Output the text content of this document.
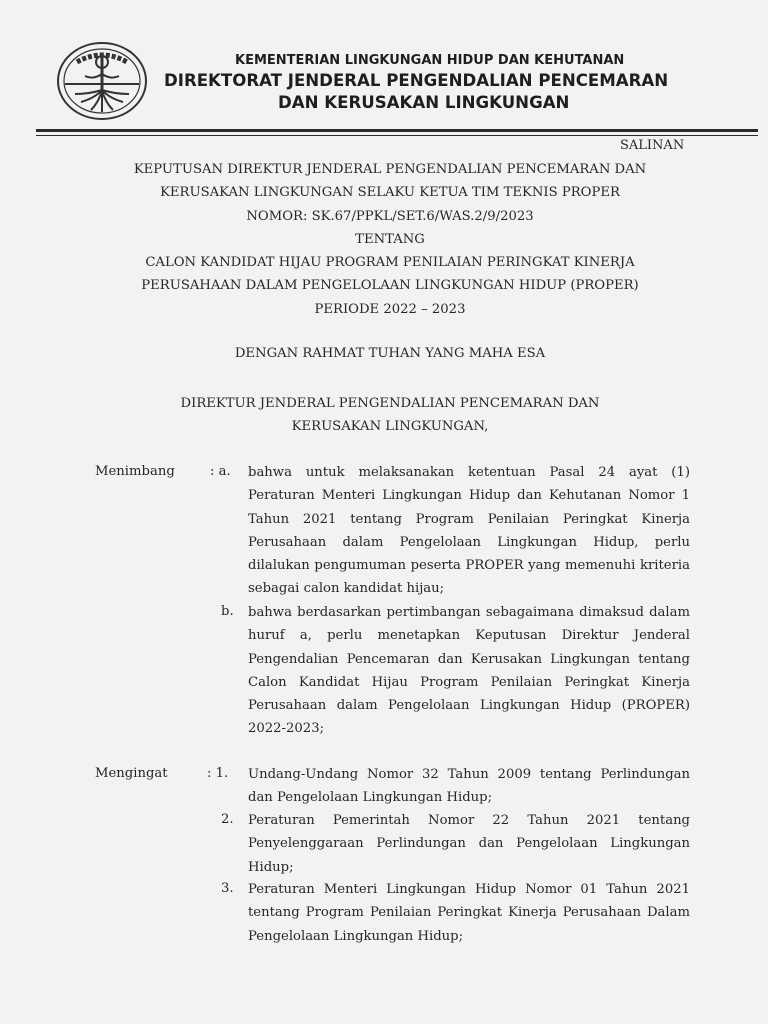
KEMENTERIAN LINGKUNGAN HIDUP DAN KEHUTANAN
DIREKTORAT JENDERAL PENGENDALIAN PENCEMARAN
DAN KERUSAKAN LINGKUNGAN
SALINAN
KEPUTUSAN DIREKTUR JENDERAL PENGENDALIAN PENCEMARAN DAN
KERUSAKAN LINGKUNGAN SELAKU KETUA TIM TEKNIS PROPER
NOMOR: SK.67/PPKL/SET.6/WAS.2/9/2023
TENTANG
CALON KANDIDAT HIJAU PROGRAM PENILAIAN PERINGKAT KINERJA
PERUSAHAAN DALAM PENGELOLAAN LINGKUNGAN HIDUP (PROPER)
PERIODE 2022 – 2023
DENGAN RAHMAT TUHAN YANG MAHA ESA
DIREKTUR JENDERAL PENGENDALIAN PENCEMARAN DAN
KERUSAKAN LINGKUNGAN,
Menimbang	: a. bahwa untuk melaksanakan ketentuan Pasal 24 ayat (1) Peraturan Menteri Lingkungan Hidup dan Kehutanan Nomor 1 Tahun 2021 tentang Program Penilaian Peringkat Kinerja Perusahaan dalam Pengelolaan Lingkungan Hidup, perlu dilalukan pengumuman peserta PROPER yang memenuhi kriteria sebagai calon kandidat hijau;
b. bahwa berdasarkan pertimbangan sebagaimana dimaksud dalam huruf a, perlu menetapkan Keputusan Direktur Jenderal Pengendalian Pencemaran dan Kerusakan Lingkungan tentang Calon Kandidat Hijau Program Penilaian Peringkat Kinerja Perusahaan dalam Pengelolaan Lingkungan Hidup (PROPER) 2022-2023;
Mengingat	: 1. Undang-Undang Nomor 32 Tahun 2009 tentang Perlindungan dan Pengelolaan Lingkungan Hidup;
2. Peraturan Pemerintah Nomor 22 Tahun 2021 tentang Penyelenggaraan Perlindungan dan Pengelolaan Lingkungan Hidup;
3. Peraturan Menteri Lingkungan Hidup Nomor 01 Tahun 2021 tentang Program Penilaian Peringkat Kinerja Perusahaan Dalam Pengelolaan Lingkungan Hidup;
